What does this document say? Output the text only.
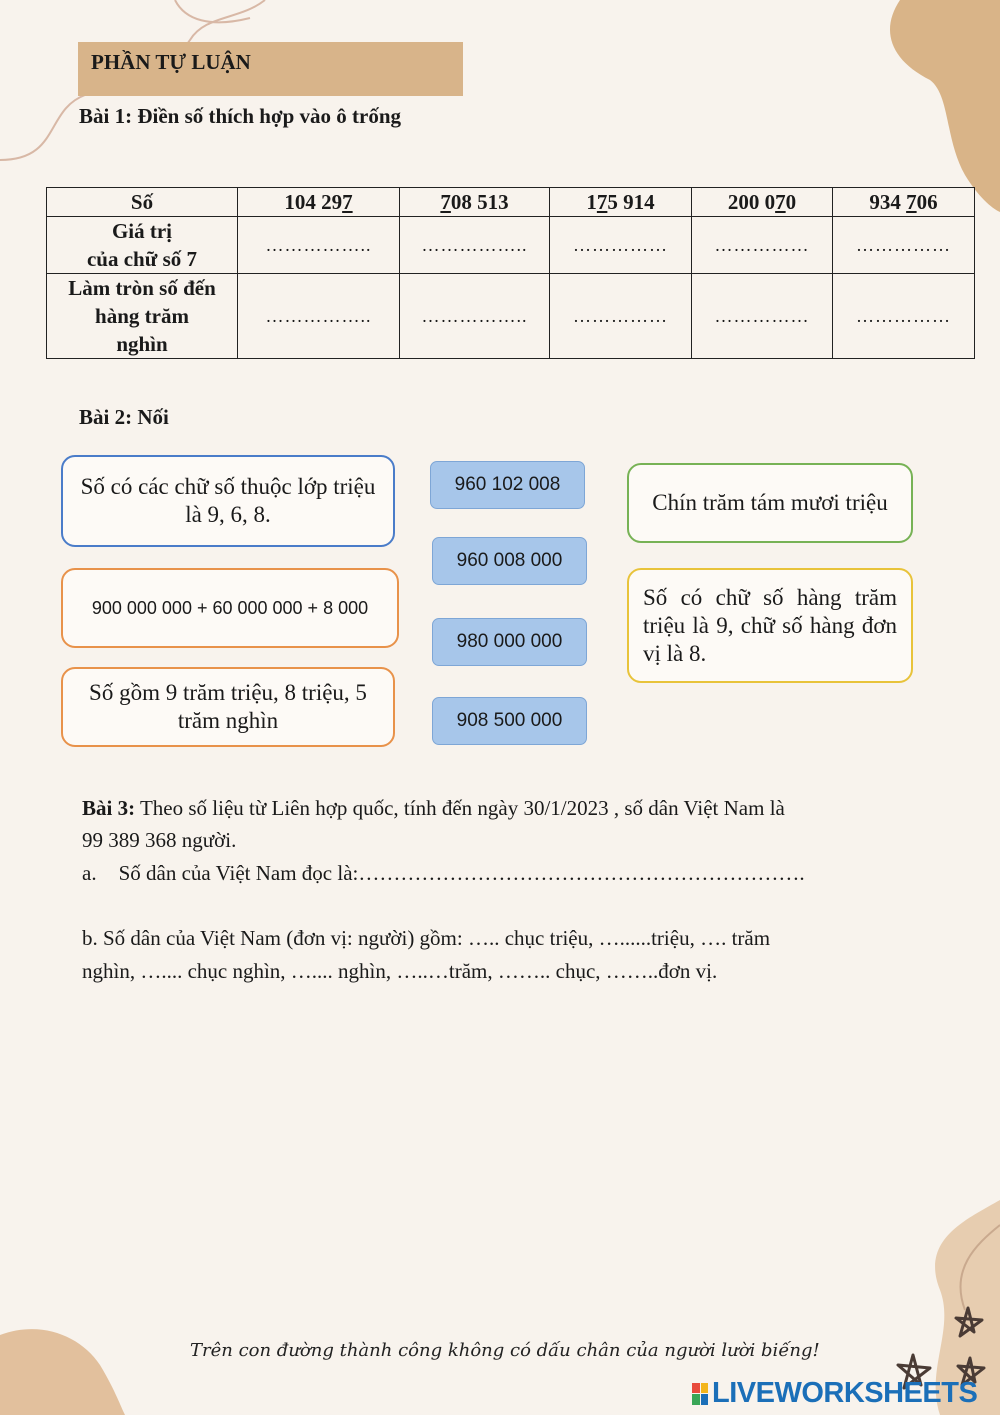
PHẦN TỰ LUẬN
Bài 1: Điền số thích hợp vào ô trống
Số	104 297	708 513	175 914	200 070	934 706
Giá trị
của chữ số 7	……………..	……………..	……………	……………	……………
Làm tròn số đến
hàng trăm
nghìn	……………..	……………..	……………	……………	……………
Bài 2: Nối
Số có các chữ số thuộc lớp triệu là 9, 6, 8.
900 000 000 + 60 000 000 + 8 000
Số gồm 9 trăm triệu, 8 triệu, 5 trăm nghìn
960 102 008
960 008 000
980 000 000
908 500 000
Chín trăm tám mươi triệu
Số có chữ số hàng trăm triệu là 9, chữ số hàng đơn vị là 8.
Bài 3: Theo số liệu từ Liên hợp quốc, tính đến ngày 30/1/2023 , số dân Việt Nam là
99 389 368 người.
a. Số dân của Việt Nam đọc là:……………………………………………………….
b. Số dân của Việt Nam (đơn vị: người) gồm: ….. chục triệu, …......triệu, …. trăm
nghìn, ….... chục nghìn, ….... nghìn, …..…trăm, …….. chục, ……..đơn vị.
Trên con đường thành công không có dấu chân của người lười biếng!
LIVEWORKSHEETS
